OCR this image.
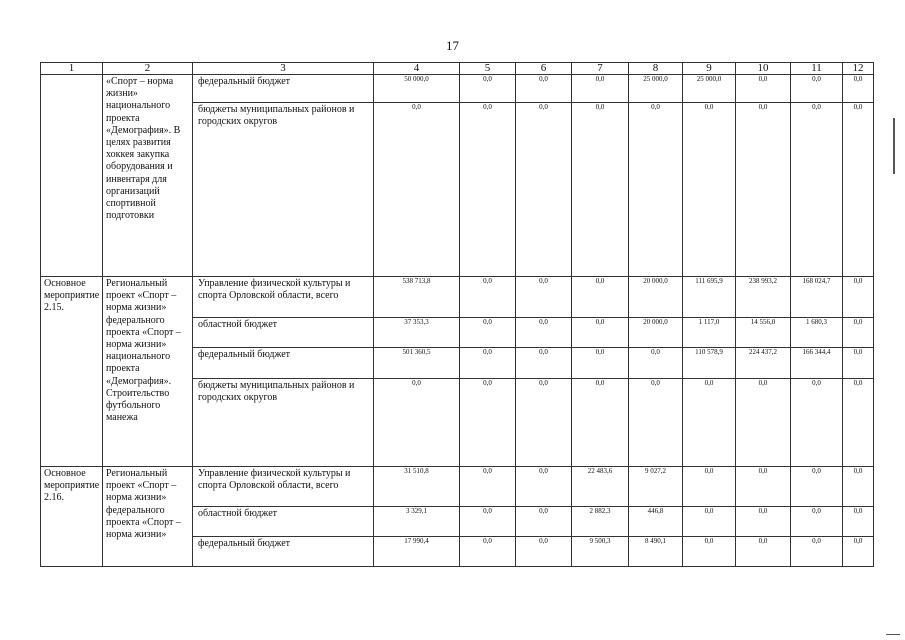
17
1	2	3	4	5	6	7	8	9	10	11	12

	«Спорт – норма жизни» национального проекта «Демография». В целях развития хоккея закупка оборудования и инвентаря для организаций спортивной подготовки	федеральный бюджет	50 000,0	0,0	0,0	0,0	25 000,0	25 000,0	0,0	0,0	0,0

		бюджеты муниципальных районов и городских округов	0,0	0,0	0,0	0,0	0,0	0,0	0,0	0,0	0,0

Основное мероприятие 2.15.	Региональный проект «Спорт – норма жизни» федерального проекта «Спорт – норма жизни» национального проекта «Демография». Строительство футбольного манежа	Управление физической культуры и спорта Орловской области, всего	538 713,8	0,0	0,0	0,0	20 000,0	111 695,9	238 993,2	168 024,7	0,0

		областной бюджет	37 353,3	0,0	0,0	0,0	20 000,0	1 117,0	14 556,0	1 680,3	0,0

		федеральный бюджет	501 360,5	0,0	0,0	0,0	0,0	110 578,9	224 437,2	166 344,4	0,0

		бюджеты муниципальных районов и городских округов	0,0	0,0	0,0	0,0	0,0	0,0	0,0	0,0	0,0

Основное мероприятие 2.16.	Региональный проект «Спорт – норма жизни» федерального проекта «Спорт – норма жизни»	Управление физической культуры и спорта Орловской области, всего	31 510,8	0,0	0,0	22 483,6	9 027,2	0,0	0,0	0,0	0,0

		областной бюджет	3 329,1	0,0	0,0	2 882,3	446,8	0,0	0,0	0,0	0,0

		федеральный бюджет	17 990,4	0,0	0,0	9 500,3	8 490,1	0,0	0,0	0,0	0,0
